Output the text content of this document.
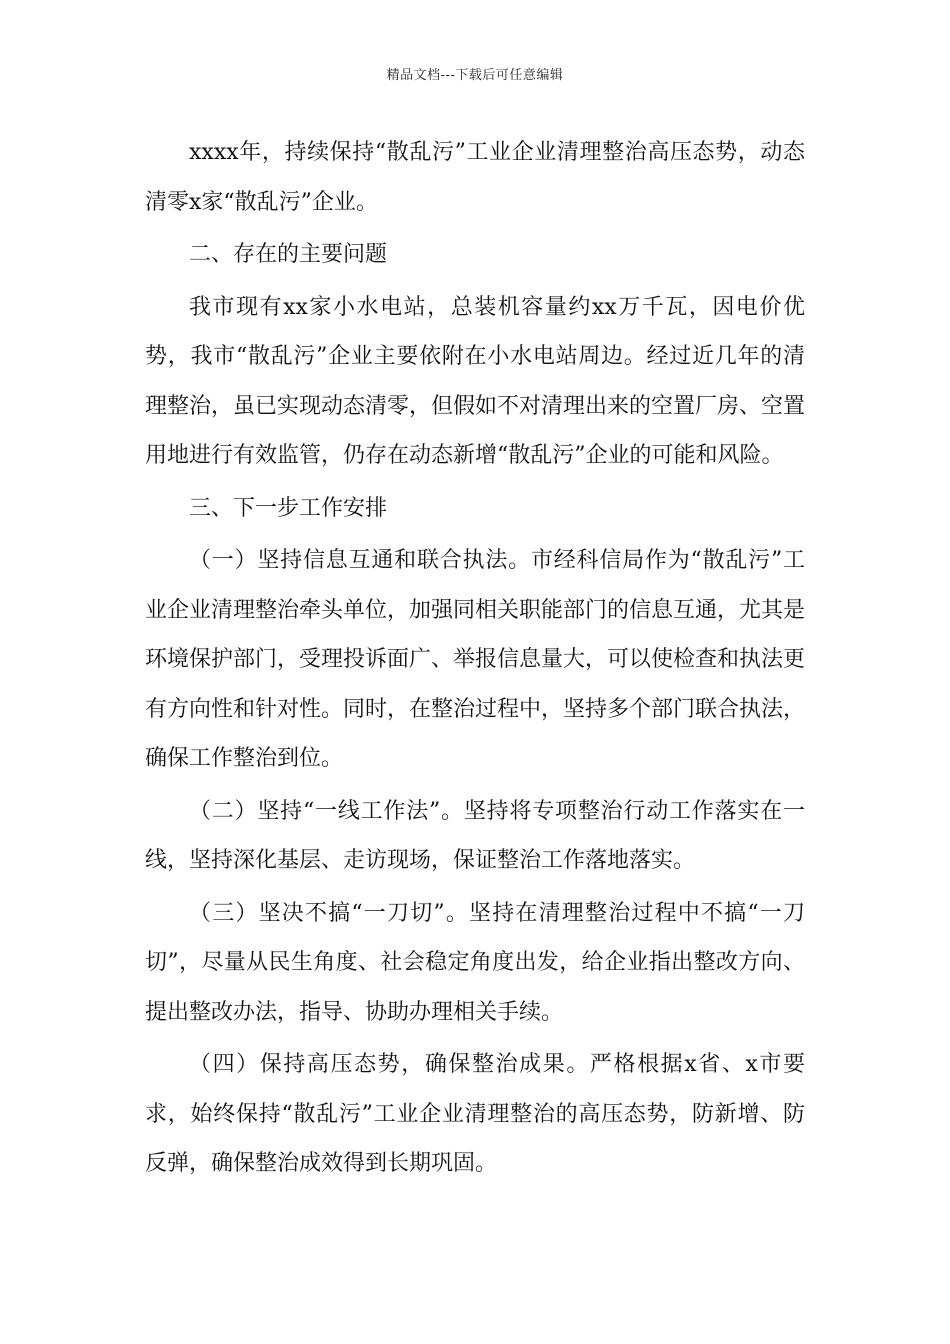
精品文档---下载后可任意编辑

xxxx年，持续保持“散乱污”工业企业清理整治高压态势，动态清零x家“散乱污”企业。

二、存在的主要问题

我市现有xx家小水电站，总装机容量约xx万千瓦，因电价优势，我市“散乱污”企业主要依附在小水电站周边。经过近几年的清理整治，虽已实现动态清零，但假如不对清理出来的空置厂房、空置用地进行有效监管，仍存在动态新增“散乱污”企业的可能和风险。

三、下一步工作安排

（一）坚持信息互通和联合执法。市经科信局作为“散乱污”工业企业清理整治牵头单位，加强同相关职能部门的信息互通，尤其是环境保护部门，受理投诉面广、举报信息量大，可以使检查和执法更有方向性和针对性。同时，在整治过程中，坚持多个部门联合执法，确保工作整治到位。

（二）坚持“一线工作法”。坚持将专项整治行动工作落实在一线，坚持深化基层、走访现场，保证整治工作落地落实。

（三）坚决不搞“一刀切”。坚持在清理整治过程中不搞“一刀切”，尽量从民生角度、社会稳定角度出发，给企业指出整改方向、提出整改办法，指导、协助办理相关手续。

（四）保持高压态势，确保整治成果。严格根据x省、x市要求，始终保持“散乱污”工业企业清理整治的高压态势，防新增、防反弹，确保整治成效得到长期巩固。
